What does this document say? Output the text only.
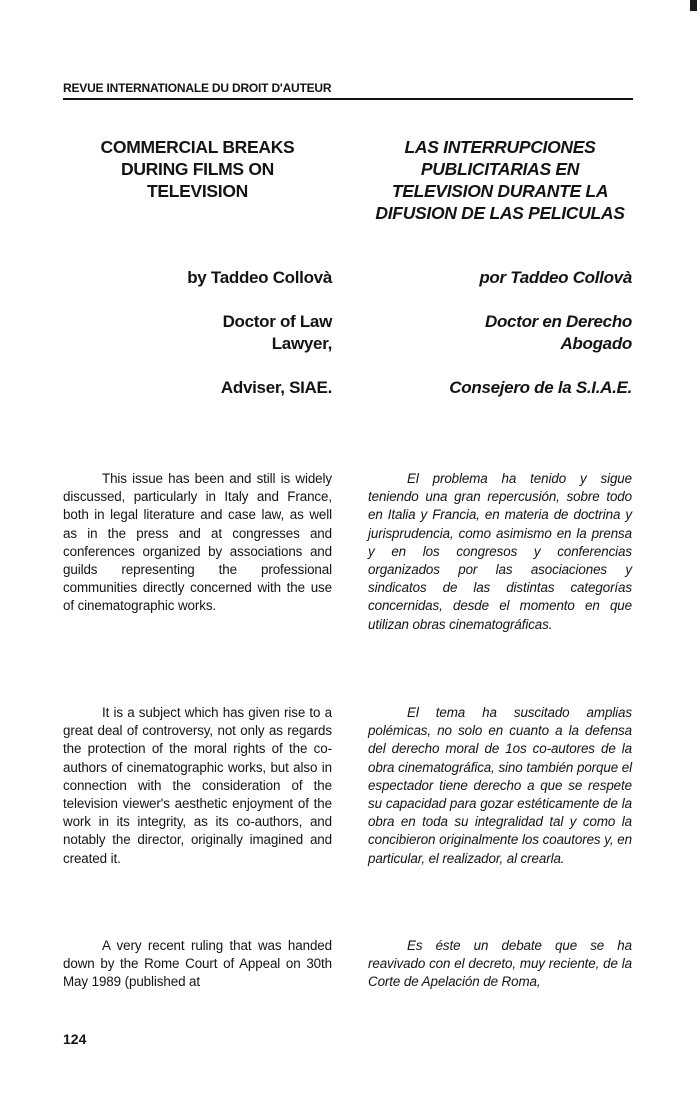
REVUE INTERNATIONALE DU DROIT D'AUTEUR
COMMERCIAL BREAKS
DURING FILMS ON
TELEVISION
by Taddeo Collovà
Doctor of Law
Lawyer,
Adviser, SIAE.

This issue has been and still is widely discussed, particularly in Italy and France, both in legal literature and case law, as well as in the press and at congresses and conferences organized by associations and guilds representing the professional communities directly concerned with the use of cinematographic works.

It is a subject which has given rise to a great deal of controversy, not only as regards the protection of the moral rights of the co-authors of cinematographic works, but also in connection with the consideration of the television viewer's aesthetic enjoyment of the work in its integrity, as its co-authors, and notably the director, originally imagined and created it.

A very recent ruling that was handed down by the Rome Court of Appeal on 30th May 1989 (published at

LAS INTERRUPCIONES
PUBLICITARIAS EN
TELEVISION DURANTE LA
DIFUSION DE LAS PELICULAS
por Taddeo Collovà
Doctor en Derecho
Abogado
Consejero de la S.I.A.E.

El problema ha tenido y sigue teniendo una gran repercusión, sobre todo en Italia y Francia, en materia de doctrina y jurisprudencia, como asimismo en la prensa y en los congresos y conferencias organizados por las asociaciones y sindicatos de las distintas categorías concernidas, desde el momento en que utilizan obras cinematográficas.

El tema ha suscitado amplias polémicas, no solo en cuanto a la defensa del derecho moral de 1os co-autores de la obra cinematográfica, sino también porque el espectador tiene derecho a que se respete su capacidad para gozar estéticamente de la obra en toda su integralidad tal y como la concibieron originalmente los coautores y, en particular, el realizador, al crearla.

Es éste un debate que se ha reavivado con el decreto, muy reciente, de la Corte de Apelación de Roma,

124
